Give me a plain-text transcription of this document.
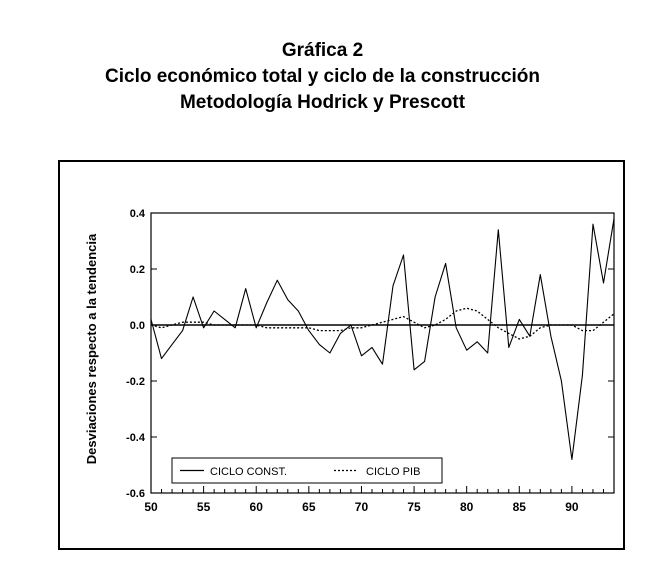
Gráfica 2
Ciclo económico total y ciclo de la construcción
Metodología Hodrick y Prescott
0.4
0.2
0.0
-0.2
-0.4
-0.6
50	55	60	65	70	75	80	85	90
CICLO CONST.	CICLO PIB
Desviaciones respecto a la tendencia
